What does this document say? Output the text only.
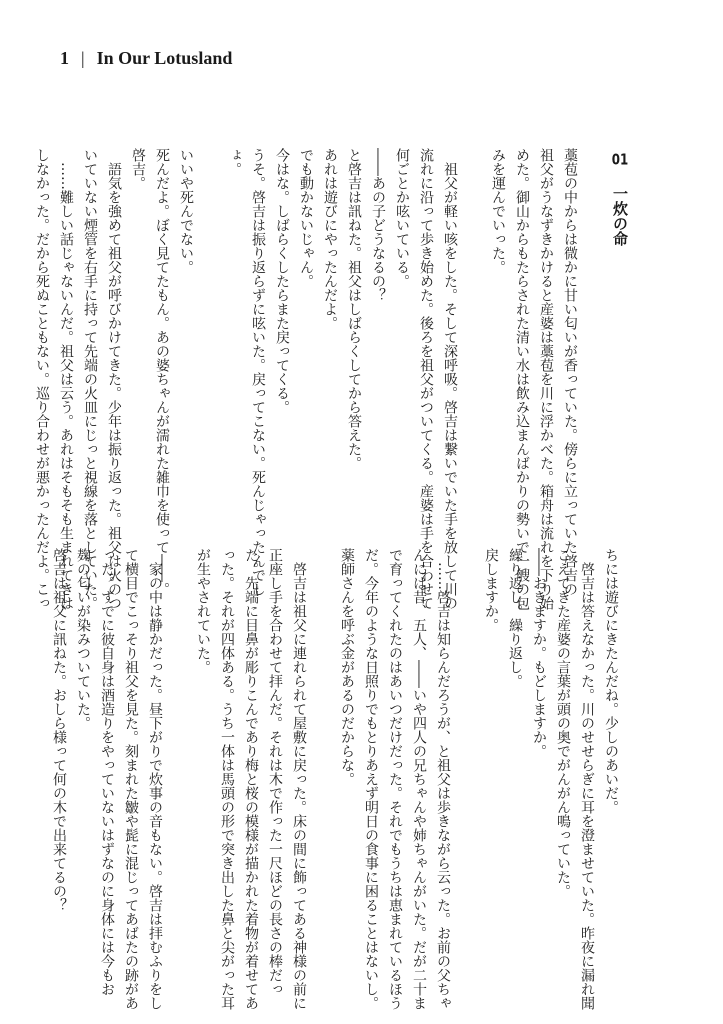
1 | In Our Lotusland
01 一炊の命
藁苞の中からは微かに甘い匂いが香っていた。傍らに立っていた啓吉の
祖父がうなずきかけると産婆は藁苞を川に浮かべた。箱舟は流れを下り始
めた。御山からもたらされた清い水は飲み込まんばかりの勢いで一艘の包
みを運んでいった。
祖父が軽い咳をした。そして深呼吸。啓吉は繋いでいた手を放して川の
流れに沿って歩き始めた。後ろを祖父がついてくる。産婆は手を合わせて
何ごとか呟いている。
――あの子どうなるの？
と啓吉は訊ねた。祖父はしばらくしてから答えた。
あれは遊びにやったんだよ。
でも動かないじゃん。
今はな。しばらくしたらまた戻ってくる。
うそ。啓吉は振り返らずに呟いた。戻ってこない。死んじゃったんでし
ょ。
いいや死んでない。
死んだよ。ぼく見てたもん。あの婆ちゃんが濡れた雑巾を使って――。
啓吉。
語気を強めて祖父が呼びかけてきた。少年は振り返った。祖父は火のつ
いていない煙管を右手に持って先端の火皿にじっと視線を落としていた。
……難しい話じゃないんだ。祖父は云う。あれはそもそも生まれてきは
しなかった。だから死ぬこともない。巡り合わせが悪かったんだよ。こっ
ちには遊びにきたんだね。少しのあいだ。
啓吉は答えなかった。川のせせらぎに耳を澄ませていた。昨夜に漏れ聞
こえてきた産婆の言葉が頭の奥でがんがん鳴っていた。
――おきますか。もどしますか。
繰り返し。繰り返し。
戻しますか。
……啓吉は知らんだろうが、と祖父は歩きながら云った。お前の父ちゃ
んには昔、五人、――いや四人の兄ちゃんや姉ちゃんがいた。だが二十ま
で育ってくれたのはあいつだけだった。それでもうちは恵まれているほう
だ。今年のような日照りでもとりあえず明日の食事に困ることはないし。
薬師さんを呼ぶ金があるのだからな。
啓吉は祖父に連れられて屋敷に戻った。床の間に飾ってある神様の前に
正座し手を合わせて拝んだ。それは木で作った一尺ほどの長さの棒だっ
た。先端に目鼻が彫りこんであり梅と桜の模様が描かれた着物が着せてあ
った。それが四体ある。うち一体は馬頭の形で突き出した鼻と尖がった耳
が生やされていた。
家の中は静かだった。昼下がりで炊事の音もない。啓吉は拝むふりをし
て横目でこっそり祖父を見た。刻まれた皺や髭に混じってあばたの跡があ
った。すでに彼自身は酒造りをやっていないはずなのに身体には今もお
麹の匂いが染みついていた。
啓吉は祖父に訊ねた。おしら様って何の木で出来てるの？
